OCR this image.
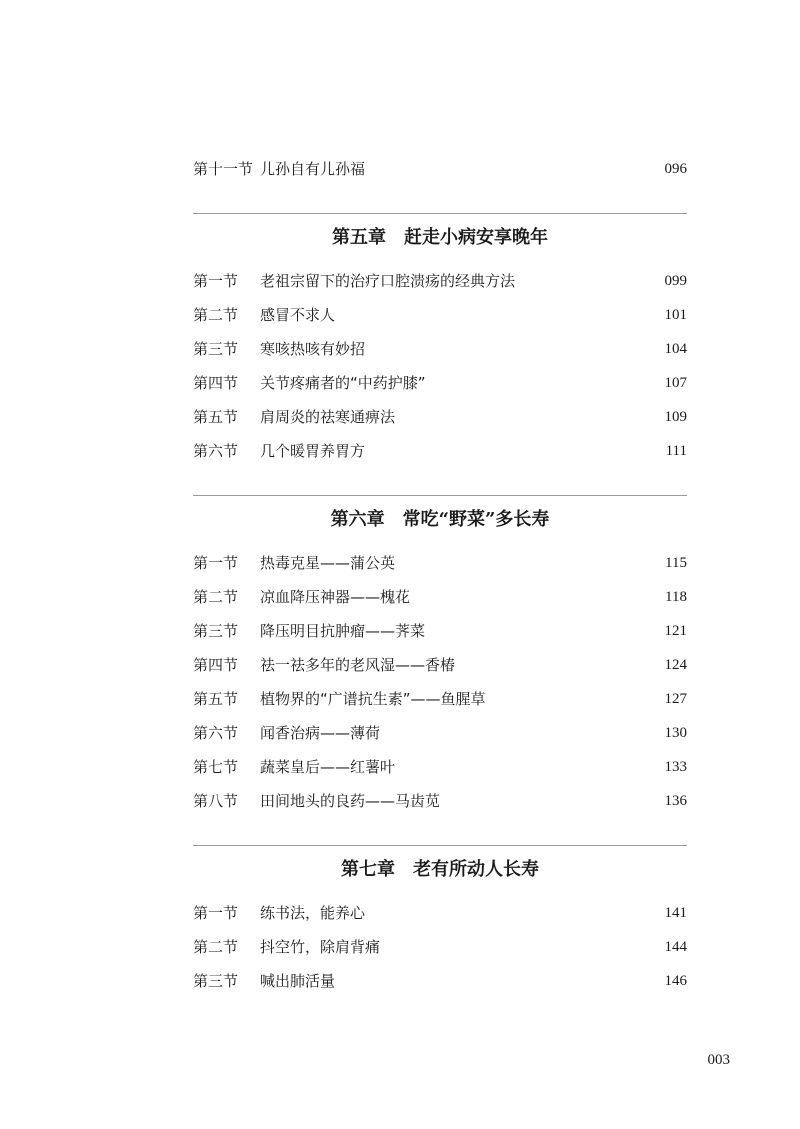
第十一节 儿孙自有儿孙福	096
第五章 赶走小病安享晚年
第一节	老祖宗留下的治疗口腔溃疡的经典方法	099
第二节	感冒不求人	101
第三节	寒咳热咳有妙招	104
第四节	关节疼痛者的“中药护膝”	107
第五节	肩周炎的祛寒通痹法	109
第六节	几个暖胃养胃方	111
第六章 常吃“野菜”多长寿
第一节	热毒克星——蒲公英	115
第二节	凉血降压神器——槐花	118
第三节	降压明目抗肿瘤——荠菜	121
第四节	祛一祛多年的老风湿——香椿	124
第五节	植物界的“广谱抗生素”——鱼腥草	127
第六节	闻香治病——薄荷	130
第七节	蔬菜皇后——红薯叶	133
第八节	田间地头的良药——马齿苋	136
第七章 老有所动人长寿
第一节	练书法，能养心	141
第二节	抖空竹，除肩背痛	144
第三节	喊出肺活量	146
003
